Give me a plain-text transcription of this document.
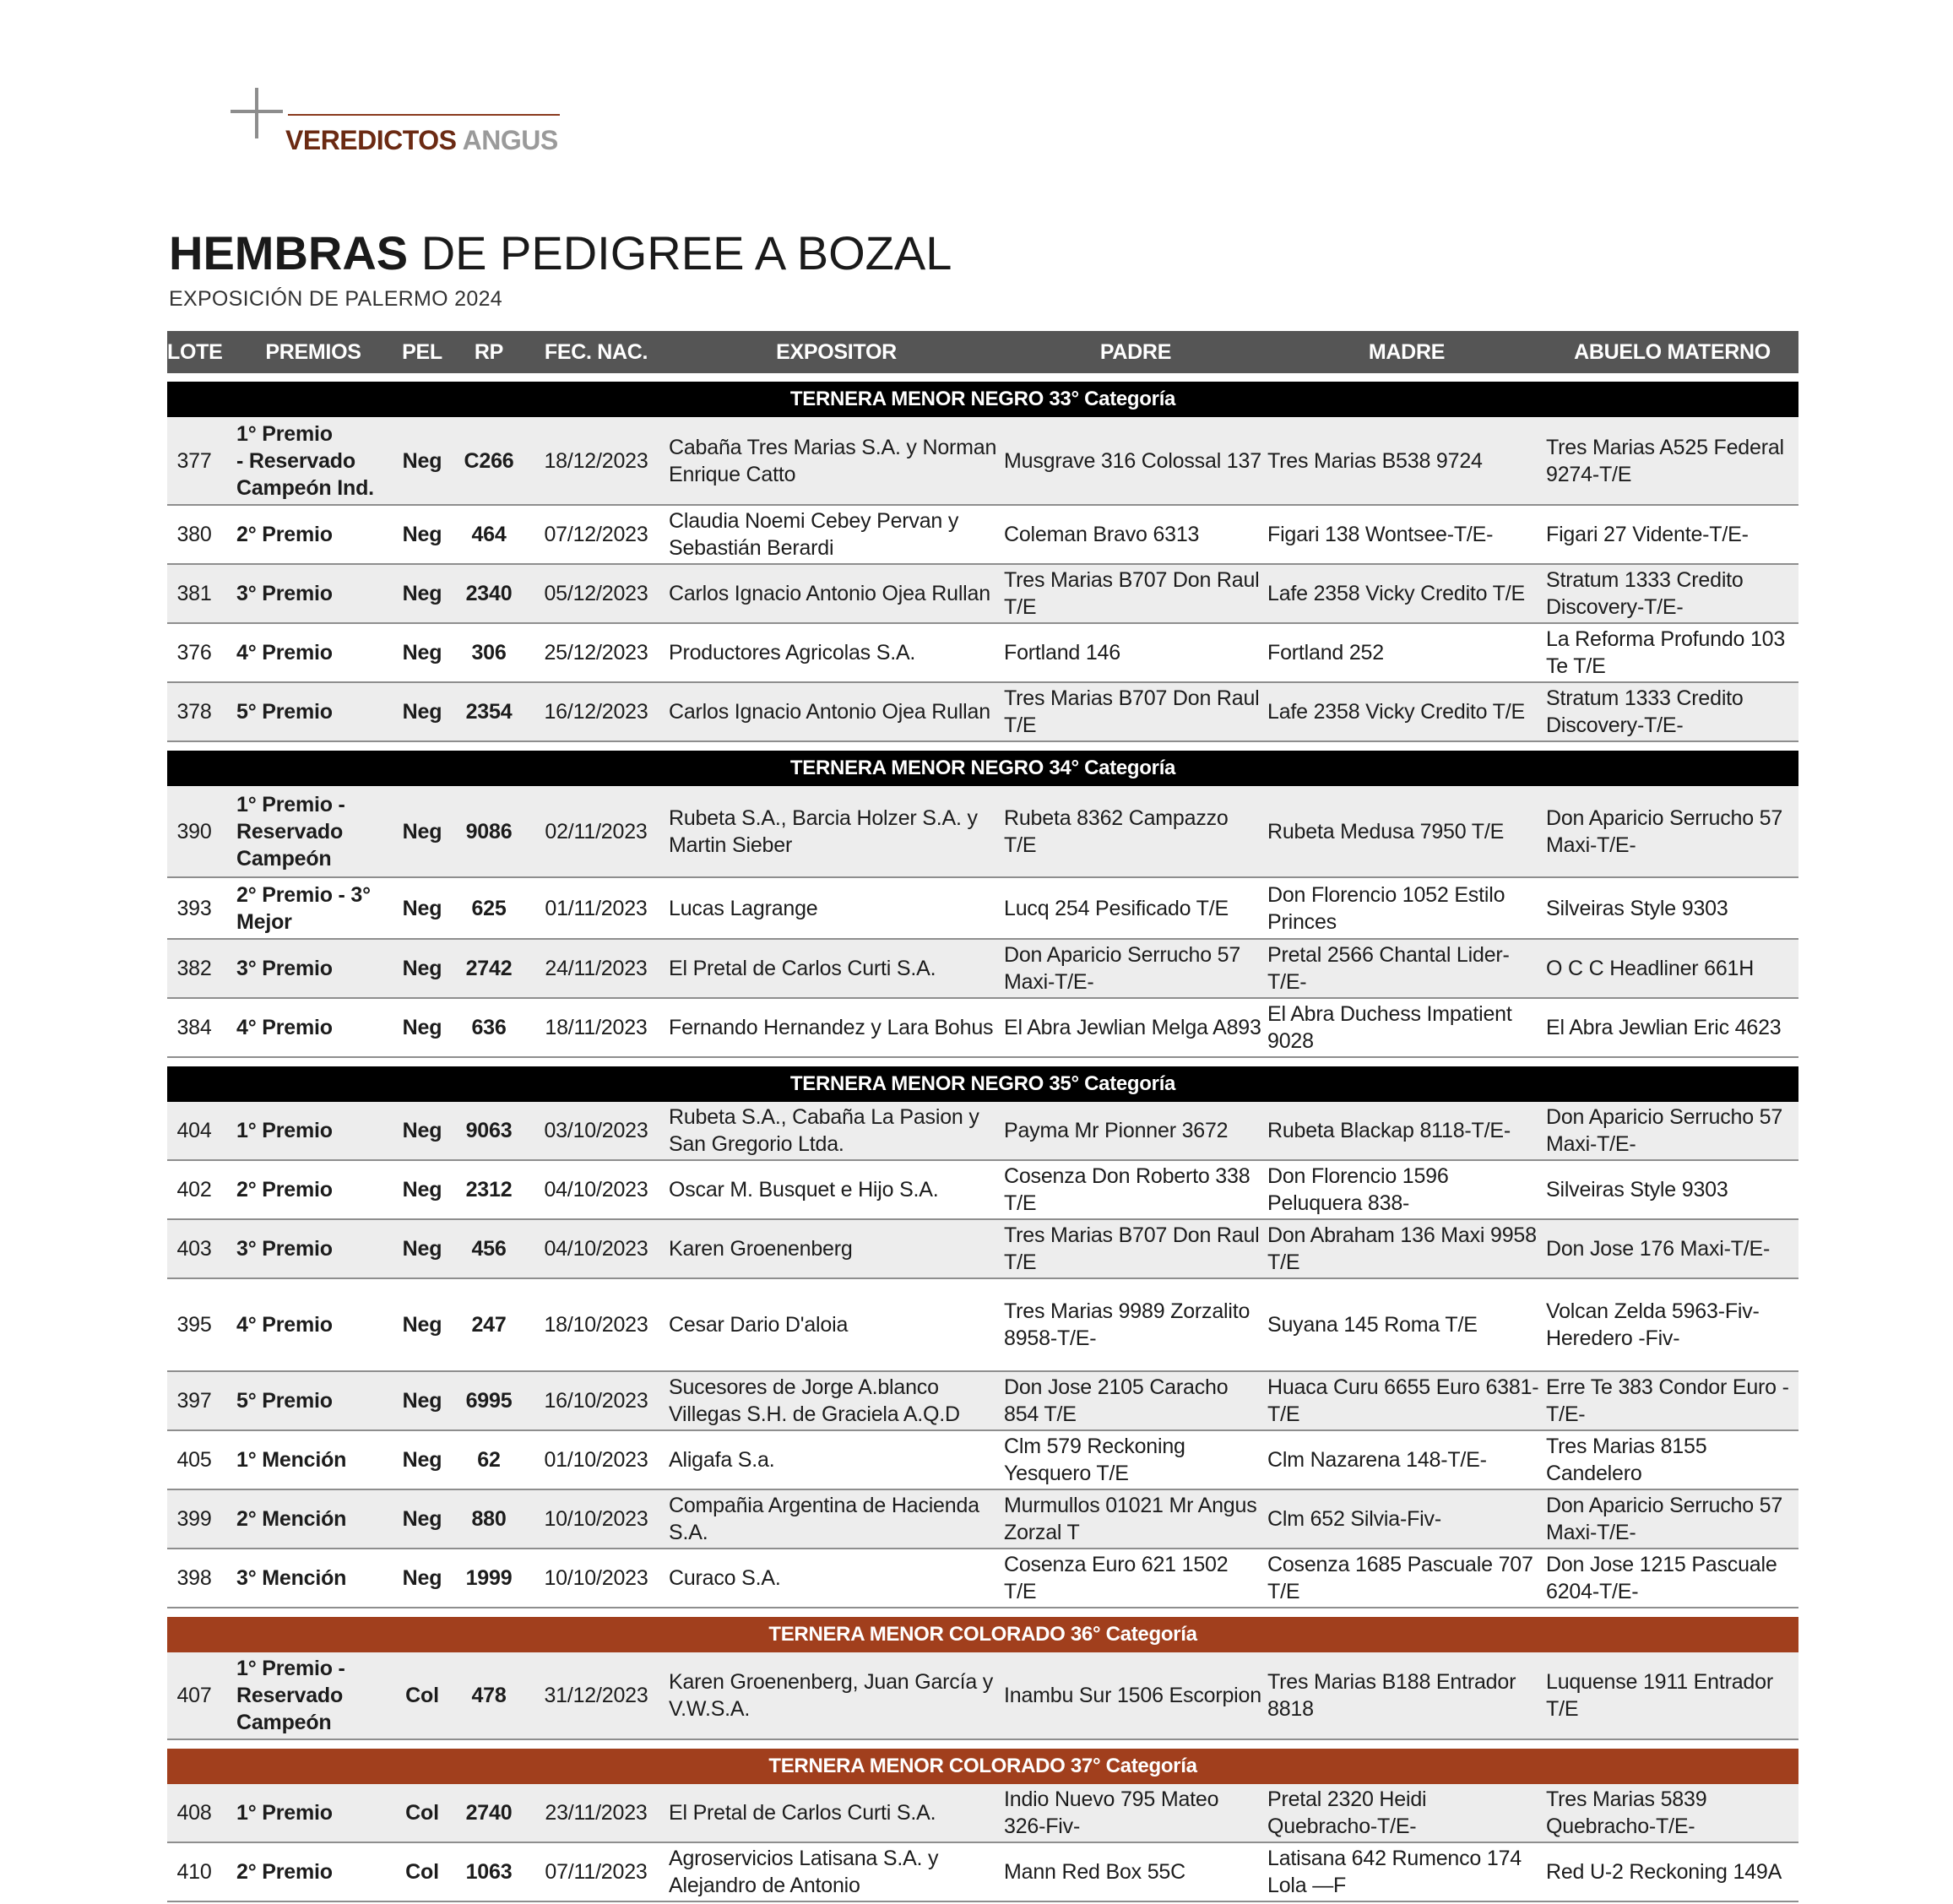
VEREDICTOS ANGUS
HEMBRAS DE PEDIGREE A BOZAL
EXPOSICIÓN DE PALERMO 2024
LOTE	PREMIOS	PEL	RP	FEC. NAC.	EXPOSITOR	PADRE	MADRE	ABUELO MATERNO

TERNERA MENOR NEGRO 33° Categoría								
377	1° Premio
- Reservado
Campeón Ind.	Neg	C266	18/12/2023	Cabaña Tres Marias S.A. y Norman Enrique Catto	Musgrave 316 Colossal 137	Tres Marias B538 9724	Tres Marias A525 Federal 9274-T/E
380	2° Premio	Neg	464	07/12/2023	Claudia Noemi Cebey Pervan y Sebastián Berardi	Coleman Bravo 6313	Figari 138 Wontsee-T/E-	Figari 27 Vidente-T/E-
381	3° Premio	Neg	2340	05/12/2023	Carlos Ignacio Antonio Ojea Rullan	Tres Marias B707 Don Raul T/E	Lafe 2358 Vicky Credito T/E	Stratum 1333 Credito Discovery-T/E-
376	4° Premio	Neg	306	25/12/2023	Productores Agricolas S.A.	Fortland 146	Fortland 252	La Reforma Profundo 103 Te T/E
378	5° Premio	Neg	2354	16/12/2023	Carlos Ignacio Antonio Ojea Rullan	Tres Marias B707 Don Raul T/E	Lafe 2358 Vicky Credito T/E	Stratum 1333 Credito Discovery-T/E-

TERNERA MENOR NEGRO 34° Categoría								
390	1° Premio -
Reservado
Campeón	Neg	9086	02/11/2023	Rubeta S.A., Barcia Holzer S.A. y Martin Sieber	Rubeta 8362 Campazzo T/E	Rubeta Medusa 7950 T/E	Don Aparicio Serrucho 57 Maxi-T/E-
393	2° Premio - 3°
Mejor	Neg	625	01/11/2023	Lucas Lagrange	Lucq 254 Pesificado T/E	Don Florencio 1052 Estilo Princes	Silveiras Style 9303
382	3° Premio	Neg	2742	24/11/2023	El Pretal de Carlos Curti S.A.	Don Aparicio Serrucho 57 Maxi-T/E-	Pretal 2566 Chantal Lider-T/E-	O C C Headliner 661H
384	4° Premio	Neg	636	18/11/2023	Fernando Hernandez y Lara Bohus	El Abra Jewlian Melga A893	El Abra Duchess Impatient 9028	El Abra Jewlian Eric 4623

TERNERA MENOR NEGRO 35° Categoría								
404	1° Premio	Neg	9063	03/10/2023	Rubeta S.A., Cabaña La Pasion y San Gregorio Ltda.	Payma Mr Pionner 3672	Rubeta Blackap 8118-T/E-	Don Aparicio Serrucho 57 Maxi-T/E-
402	2° Premio	Neg	2312	04/10/2023	Oscar M. Busquet e Hijo S.A.	Cosenza Don Roberto 338 T/E	Don Florencio 1596 Peluquera 838-	Silveiras Style 9303
403	3° Premio	Neg	456	04/10/2023	Karen Groenenberg	Tres Marias B707 Don Raul T/E	Don Abraham 136 Maxi 9958 T/E	Don Jose 176 Maxi-T/E-
395	4° Premio	Neg	247	18/10/2023	Cesar Dario D'aloia	Tres Marias 9989 Zorzalito 8958-T/E-	Suyana 145 Roma T/E	Volcan Zelda 5963-Fiv- Heredero -Fiv-
397	5° Premio	Neg	6995	16/10/2023	Sucesores de Jorge A.blanco Villegas S.H. de Graciela A.Q.D	Don Jose 2105 Caracho 854 T/E	Huaca Curu 6655 Euro 6381-T/E	Erre Te 383 Condor Euro -T/E-
405	1° Mención	Neg	62	01/10/2023	Aligafa S.a.	Clm 579 Reckoning Yesquero T/E	Clm Nazarena 148-T/E-	Tres Marias 8155 Candelero
399	2° Mención	Neg	880	10/10/2023	Compañia Argentina de Hacienda S.A.	Murmullos 01021 Mr Angus Zorzal T	Clm 652 Silvia-Fiv-	Don Aparicio Serrucho 57 Maxi-T/E-
398	3° Mención	Neg	1999	10/10/2023	Curaco S.A.	Cosenza Euro 621 1502 T/E	Cosenza 1685 Pascuale 707 T/E	Don Jose 1215 Pascuale 6204-T/E-

TERNERA MENOR COLORADO 36° Categoría								
407	1° Premio -
Reservado
Campeón	Col	478	31/12/2023	Karen Groenenberg, Juan García y V.W.S.A.	Inambu Sur 1506 Escorpion	Tres Marias B188 Entrador 8818	Luquense 1911 Entrador T/E

TERNERA MENOR COLORADO 37° Categoría								
408	1° Premio	Col	2740	23/11/2023	El Pretal de Carlos Curti S.A.	Indio Nuevo 795 Mateo 326-Fiv-	Pretal 2320 Heidi Quebracho-T/E-	Tres Marias 5839 Quebracho-T/E-
410	2° Premio	Col	1063	07/11/2023	Agroservicios Latisana S.A. y Alejandro de Antonio	Mann Red Box 55C	Latisana 642 Rumenco 174 Lola —F	Red U-2 Reckoning 149A
